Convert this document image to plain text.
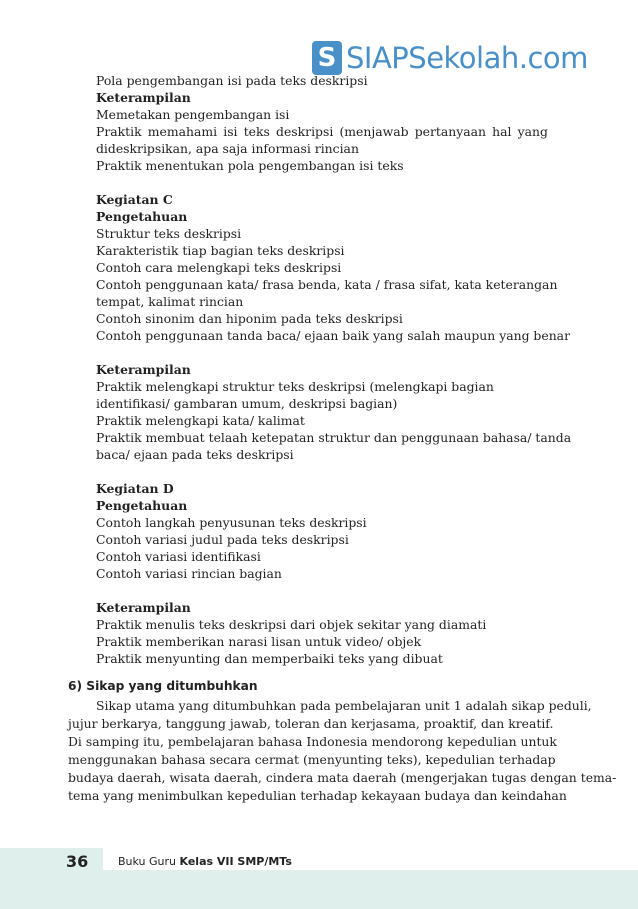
S SIAPSekolah.com
Pola pengembangan isi pada teks deskripsi
Keterampilan
Memetakan pengembangan isi
Praktik memahami isi teks deskripsi (menjawab pertanyaan hal yang
dideskripsikan, apa saja informasi rincian
Praktik menentukan pola pengembangan isi teks
Kegiatan C
Pengetahuan
Struktur teks deskripsi
Karakteristik tiap bagian teks deskripsi
Contoh cara melengkapi teks deskripsi
Contoh penggunaan kata/ frasa benda, kata / frasa sifat, kata keterangan
tempat, kalimat rincian
Contoh sinonim dan hiponim pada teks deskripsi
Contoh penggunaan tanda baca/ ejaan baik yang salah maupun yang benar
Keterampilan
Praktik melengkapi struktur teks deskripsi (melengkapi bagian
identifikasi/ gambaran umum, deskripsi bagian)
Praktik melengkapi kata/ kalimat
Praktik membuat telaah ketepatan struktur dan penggunaan bahasa/ tanda
baca/ ejaan pada teks deskripsi
Kegiatan D
Pengetahuan
Contoh langkah penyusunan teks deskripsi
Contoh variasi judul pada teks deskripsi
Contoh variasi identifikasi
Contoh variasi rincian bagian
Keterampilan
Praktik menulis teks deskripsi dari objek sekitar yang diamati
Praktik memberikan narasi lisan untuk video/ objek
Praktik menyunting dan memperbaiki teks yang dibuat
6) Sikap yang ditumbuhkan
Sikap utama yang ditumbuhkan pada pembelajaran unit 1 adalah sikap peduli,
jujur berkarya, tanggung jawab, toleran dan kerjasama, proaktif, dan kreatif.
Di samping itu, pembelajaran bahasa Indonesia mendorong kepedulian untuk
menggunakan bahasa secara cermat (menyunting teks), kepedulian terhadap
budaya daerah, wisata daerah, cindera mata daerah (mengerjakan tugas dengan tema-
tema yang menimbulkan kepedulian terhadap kekayaan budaya dan keindahan
36	Buku Guru Kelas VII SMP/MTs
